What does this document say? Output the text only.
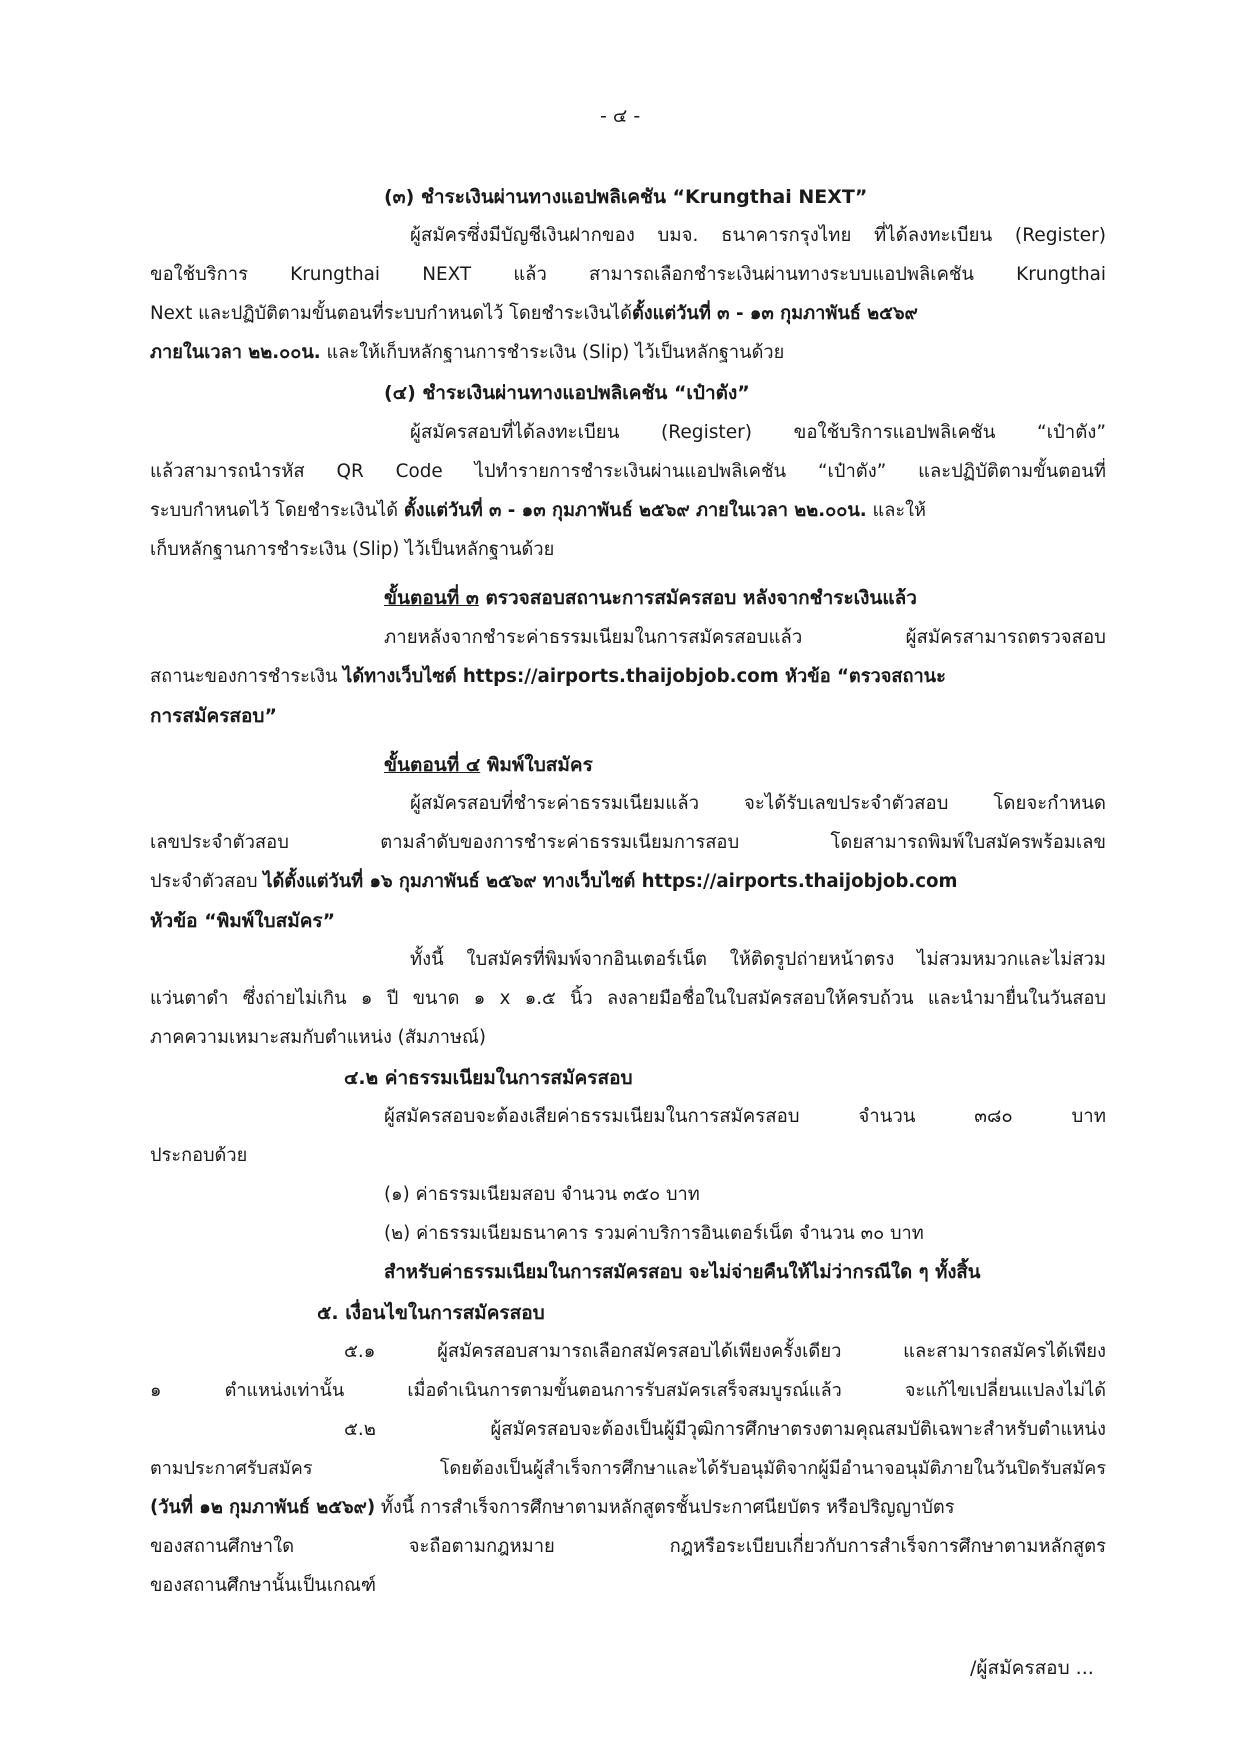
- ๔ -
(๓) ชำระเงินผ่านทางแอปพลิเคชัน “Krungthai NEXT”
ผู้สมัครซึ่งมีบัญชีเงินฝากของ บมจ. ธนาคารกรุงไทย ที่ได้ลงทะเบียน (Register)
ขอใช้บริการ Krungthai NEXT แล้ว สามารถเลือกชำระเงินผ่านทางระบบแอปพลิเคชัน Krungthai
Next และปฏิบัติตามขั้นตอนที่ระบบกำหนดไว้ โดยชำระเงินได้ตั้งแต่วันที่ ๓ - ๑๓ กุมภาพันธ์ ๒๕๖๙
ภายในเวลา ๒๒.๐๐น. และให้เก็บหลักฐานการชำระเงิน (Slip) ไว้เป็นหลักฐานด้วย
(๔) ชำระเงินผ่านทางแอปพลิเคชัน “เป๋าตัง”
ผู้สมัครสอบที่ได้ลงทะเบียน (Register) ขอใช้บริการแอปพลิเคชัน “เป๋าตัง”
แล้วสามารถนำรหัส QR Code ไปทำรายการชำระเงินผ่านแอปพลิเคชัน “เป๋าตัง” และปฏิบัติตามขั้นตอนที่
ระบบกำหนดไว้ โดยชำระเงินได้ ตั้งแต่วันที่ ๓ - ๑๓ กุมภาพันธ์ ๒๕๖๙ ภายในเวลา ๒๒.๐๐น. และให้
เก็บหลักฐานการชำระเงิน (Slip) ไว้เป็นหลักฐานด้วย
ขั้นตอนที่ ๓ ตรวจสอบสถานะการสมัครสอบ หลังจากชำระเงินแล้ว
ภายหลังจากชำระค่าธรรมเนียมในการสมัครสอบแล้ว ผู้สมัครสามารถตรวจสอบ
สถานะของการชำระเงิน ได้ทางเว็บไซต์ https://airports.thaijobjob.com หัวข้อ “ตรวจสถานะ
การสมัครสอบ”
ขั้นตอนที่ ๔ พิมพ์ใบสมัคร
ผู้สมัครสอบที่ชำระค่าธรรมเนียมแล้ว จะได้รับเลขประจำตัวสอบ โดยจะกำหนด
เลขประจำตัวสอบ ตามลำดับของการชำระค่าธรรมเนียมการสอบ โดยสามารถพิมพ์ใบสมัครพร้อมเลข
ประจำตัวสอบ ได้ตั้งแต่วันที่ ๑๖ กุมภาพันธ์ ๒๕๖๙ ทางเว็บไซต์ https://airports.thaijobjob.com
หัวข้อ “พิมพ์ใบสมัคร”
ทั้งนี้ ใบสมัครที่พิมพ์จากอินเตอร์เน็ต ให้ติดรูปถ่ายหน้าตรง ไม่สวมหมวกและไม่สวม
แว่นตาดำ ซึ่งถ่ายไม่เกิน ๑ ปี ขนาด ๑ x ๑.๕ นิ้ว ลงลายมือชื่อในใบสมัครสอบให้ครบถ้วน และนำมายื่นในวันสอบ
ภาคความเหมาะสมกับตำแหน่ง (สัมภาษณ์)
๔.๒ ค่าธรรมเนียมในการสมัครสอบ
ผู้สมัครสอบจะต้องเสียค่าธรรมเนียมในการสมัครสอบ จำนวน ๓๘๐ บาท
ประกอบด้วย
(๑) ค่าธรรมเนียมสอบ จำนวน ๓๕๐ บาท
(๒) ค่าธรรมเนียมธนาคาร รวมค่าบริการอินเตอร์เน็ต จำนวน ๓๐ บาท
สำหรับค่าธรรมเนียมในการสมัครสอบ จะไม่จ่ายคืนให้ไม่ว่ากรณีใด ๆ ทั้งสิ้น
๕. เงื่อนไขในการสมัครสอบ
๕.๑ ผู้สมัครสอบสามารถเลือกสมัครสอบได้เพียงครั้งเดียว และสามารถสมัครได้เพียง
๑ ตำแหน่งเท่านั้น เมื่อดำเนินการตามขั้นตอนการรับสมัครเสร็จสมบูรณ์แล้ว จะแก้ไขเปลี่ยนแปลงไม่ได้
๕.๒ ผู้สมัครสอบจะต้องเป็นผู้มีวุฒิการศึกษาตรงตามคุณสมบัติเฉพาะสำหรับตำแหน่ง
ตามประกาศรับสมัคร โดยต้องเป็นผู้สำเร็จการศึกษาและได้รับอนุมัติจากผู้มีอำนาจอนุมัติภายในวันปิดรับสมัคร
(วันที่ ๑๒ กุมภาพันธ์ ๒๕๖๙) ทั้งนี้ การสำเร็จการศึกษาตามหลักสูตรชั้นประกาศนียบัตร หรือปริญญาบัตร
ของสถานศึกษาใด จะถือตามกฎหมาย กฎหรือระเบียบเกี่ยวกับการสำเร็จการศึกษาตามหลักสูตร
ของสถานศึกษานั้นเป็นเกณฑ์
/ผู้สมัครสอบ ...
